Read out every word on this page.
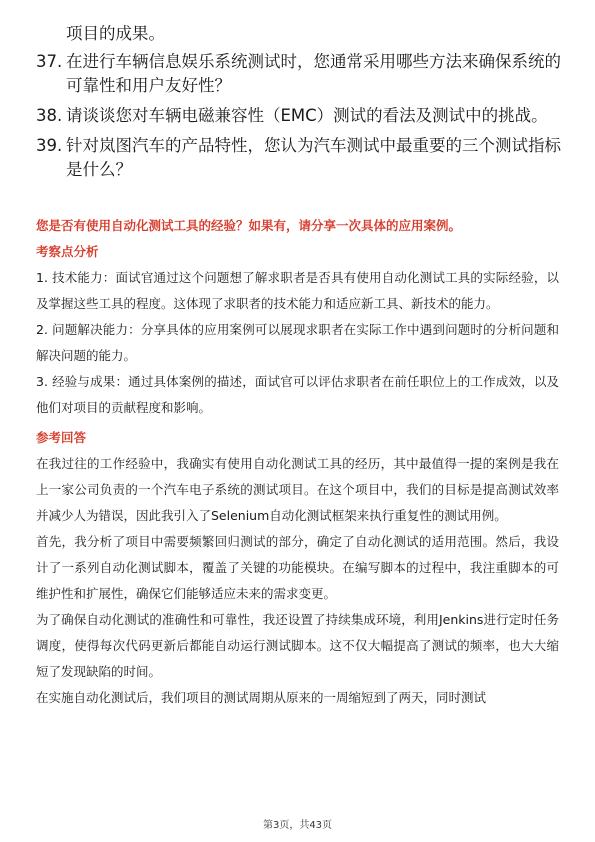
项目的成果。
37. 在进行车辆信息娱乐系统测试时，您通常采用哪些方法来确保系统的可靠性和用户友好性？
38. 请谈谈您对车辆电磁兼容性（EMC）测试的看法及测试中的挑战。
39. 针对岚图汽车的产品特性，您认为汽车测试中最重要的三个测试指标是什么？
您是否有使用自动化测试工具的经验？如果有，请分享一次具体的应用案例。
考察点分析

1. 技术能力：面试官通过这个问题想了解求职者是否具有使用自动化测试工具的实际经验，以及掌握这些工具的程度。这体现了求职者的技术能力和适应新工具、新技术的能力。

2. 问题解决能力：分享具体的应用案例可以展现求职者在实际工作中遇到问题时的分析问题和解决问题的能力。

3. 经验与成果：通过具体案例的描述，面试官可以评估求职者在前任职位上的工作成效，以及他们对项目的贡献程度和影响。

参考回答

在我过往的工作经验中，我确实有使用自动化测试工具的经历，其中最值得一提的案例是我在上一家公司负责的一个汽车电子系统的测试项目。在这个项目中，我们的目标是提高测试效率并减少人为错误，因此我引入了Selenium自动化测试框架来执行重复性的测试用例。

首先，我分析了项目中需要频繁回归测试的部分，确定了自动化测试的适用范围。然后，我设计了一系列自动化测试脚本，覆盖了关键的功能模块。在编写脚本的过程中，我注重脚本的可维护性和扩展性，确保它们能够适应未来的需求变更。

为了确保自动化测试的准确性和可靠性，我还设置了持续集成环境，利用Jenkins进行定时任务调度，使得每次代码更新后都能自动运行测试脚本。这不仅大幅提高了测试的频率，也大大缩短了发现缺陷的时间。

在实施自动化测试后，我们项目的测试周期从原来的一周缩短到了两天，同时测试

第3页，共43页
